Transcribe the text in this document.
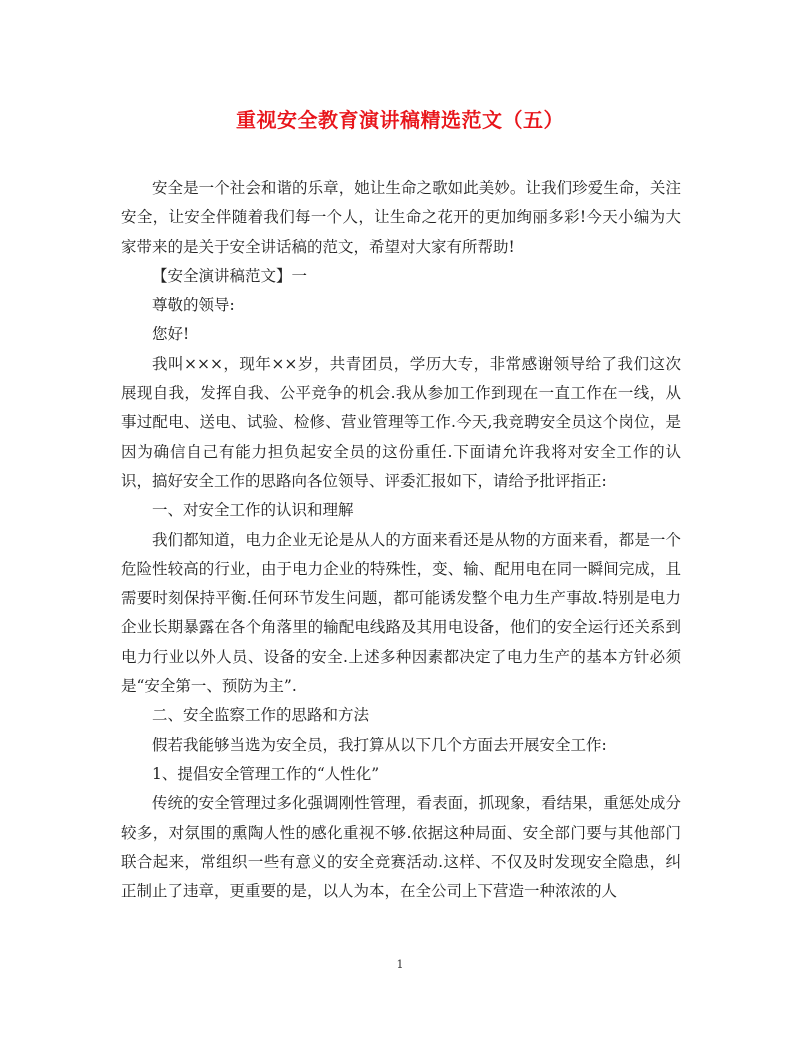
重视安全教育演讲稿精选范文（五）

安全是一个社会和谐的乐章，她让生命之歌如此美妙。让我们珍爱生命，关注安全，让安全伴随着我们每一个人，让生命之花开的更加绚丽多彩!今天小编为大家带来的是关于安全讲话稿的范文，希望对大家有所帮助!

【安全演讲稿范文】一

尊敬的领导:

您好!

我叫×××，现年××岁，共青团员，学历大专，非常感谢领导给了我们这次展现自我，发挥自我、公平竞争的机会.我从参加工作到现在一直工作在一线，从事过配电、送电、试验、检修、营业管理等工作.今天,我竞聘安全员这个岗位，是因为确信自己有能力担负起安全员的这份重任.下面请允许我将对安全工作的认识，搞好安全工作的思路向各位领导、评委汇报如下，请给予批评指正:

一、对安全工作的认识和理解

我们都知道，电力企业无论是从人的方面来看还是从物的方面来看，都是一个危险性较高的行业，由于电力企业的特殊性，变、输、配用电在同一瞬间完成，且需要时刻保持平衡.任何环节发生问题，都可能诱发整个电力生产事故.特别是电力企业长期暴露在各个角落里的输配电线路及其用电设备，他们的安全运行还关系到电力行业以外人员、设备的安全.上述多种因素都决定了电力生产的基本方针必须是“安全第一、预防为主”.

二、安全监察工作的思路和方法

假若我能够当选为安全员，我打算从以下几个方面去开展安全工作:

1、提倡安全管理工作的“人性化”

传统的安全管理过多化强调刚性管理，看表面，抓现象，看结果，重惩处成分较多，对氛围的熏陶人性的感化重视不够.依据这种局面、安全部门要与其他部门联合起来，常组织一些有意义的安全竞赛活动.这样、不仅及时发现安全隐患，纠正制止了违章，更重要的是，以人为本，在全公司上下营造一种浓浓的人

1
